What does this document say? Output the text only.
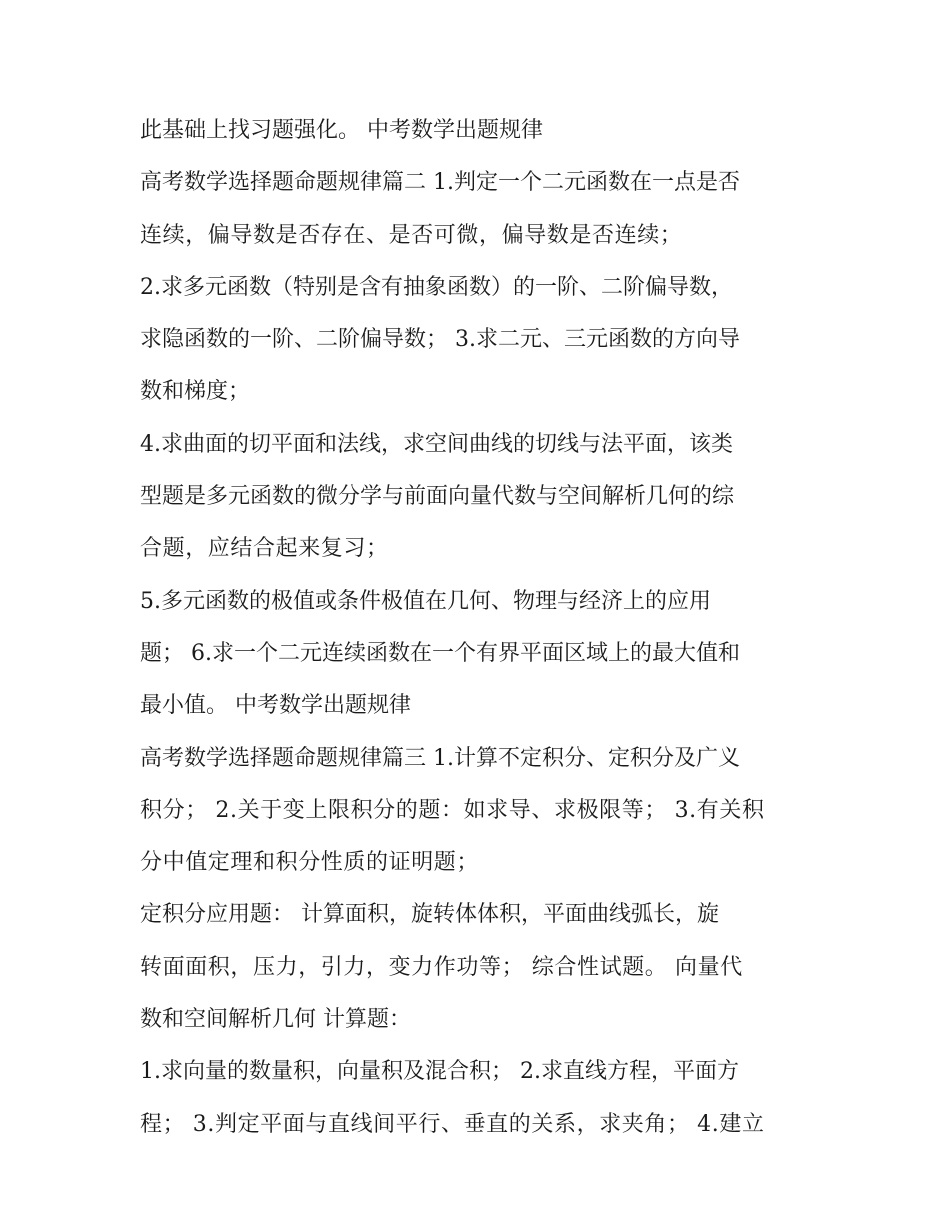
此基础上找习题强化。 中考数学出题规律
高考数学选择题命题规律篇二 1.判定一个二元函数在一点是否
连续，偏导数是否存在、是否可微，偏导数是否连续；
2.求多元函数（特别是含有抽象函数）的一阶、二阶偏导数，
求隐函数的一阶、二阶偏导数； 3.求二元、三元函数的方向导
数和梯度；
4.求曲面的切平面和法线，求空间曲线的切线与法平面，该类
型题是多元函数的微分学与前面向量代数与空间解析几何的综
合题，应结合起来复习；
5.多元函数的极值或条件极值在几何、物理与经济上的应用
题； 6.求一个二元连续函数在一个有界平面区域上的最大值和
最小值。 中考数学出题规律
高考数学选择题命题规律篇三 1.计算不定积分、定积分及广义
积分； 2.关于变上限积分的题：如求导、求极限等； 3.有关积
分中值定理和积分性质的证明题；
定积分应用题： 计算面积，旋转体体积，平面曲线弧长，旋
转面面积，压力，引力，变力作功等； 综合性试题。 向量代
数和空间解析几何 计算题：
1.求向量的数量积，向量积及混合积； 2.求直线方程，平面方
程； 3.判定平面与直线间平行、垂直的关系，求夹角； 4.建立
